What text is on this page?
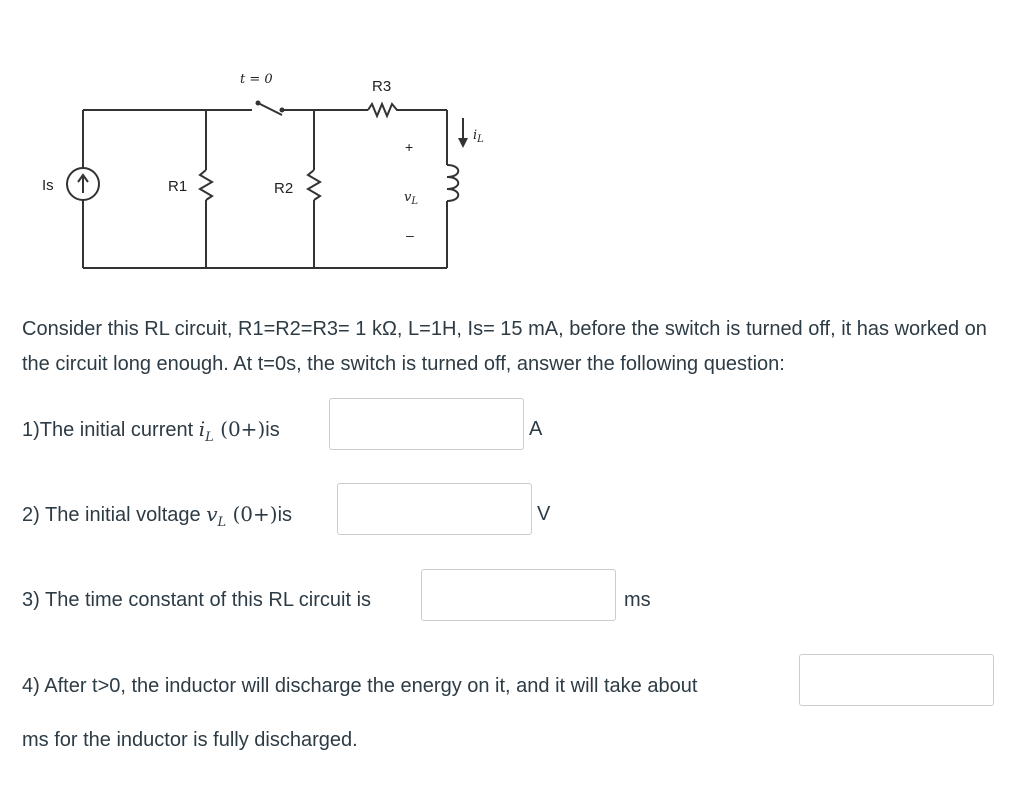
t = 0	R3
+
$v_L$
–
$i_L$
Is	R1	R2

Consider this RL circuit, R1=R2=R3= 1 kΩ, L=1H, Is= 15 mA, before the switch is turned off, it has worked on the circuit long enough. At t=0s, the switch is turned off, answer the following question:

1)The initial current $i_L$ (0+)is	A
2) The initial voltage $v_L$ (0+)is	V
3) The time constant of this RL circuit is	ms
4) After t>0, the inductor will discharge the energy on it, and it will take about
ms for the inductor is fully discharged.
